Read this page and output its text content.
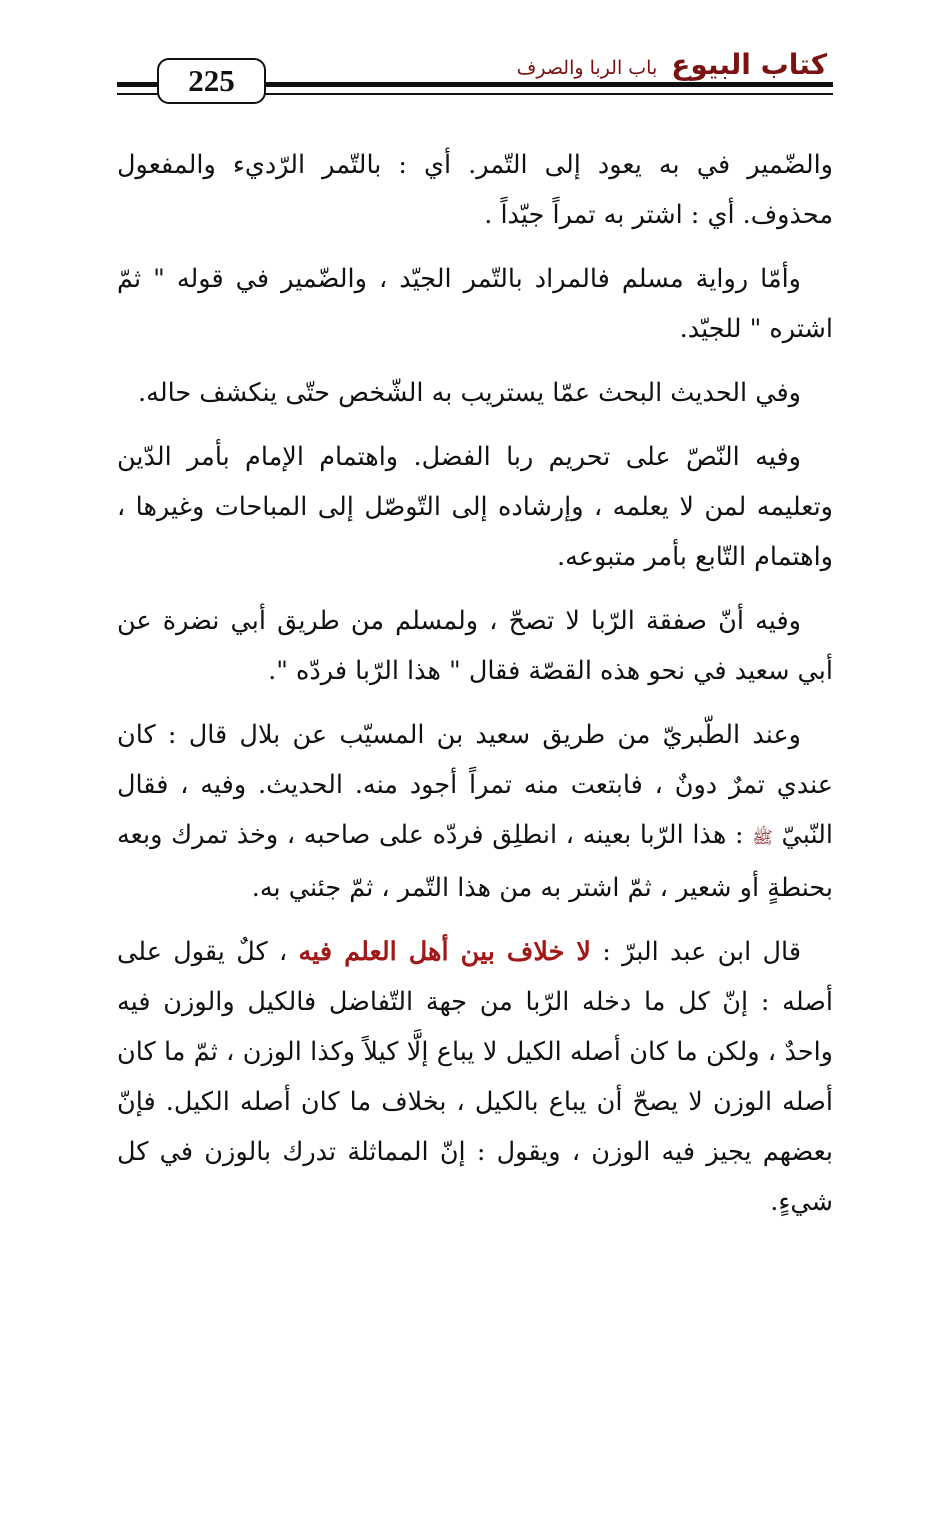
225	كتاب البيوع
باب الربا والصرف

والضّمير في به يعود إلى التّمر. أي : بالتّمر الرّديء والمفعول محذوف. أي : اشتر به تمراً جيّداً .

وأمّا رواية مسلم فالمراد بالتّمر الجيّد ، والضّمير في قوله " ثمّ اشتره " للجيّد.

وفي الحديث البحث عمّا يستريب به الشّخص حتّى ينكشف حاله.

وفيه النّصّ على تحريم ربا الفضل. واهتمام الإمام بأمر الدّين وتعليمه لمن لا يعلمه ، وإرشاده إلى التّوصّل إلى المباحات وغيرها ، واهتمام التّابع بأمر متبوعه.

وفيه أنّ صفقة الرّبا لا تصحّ ، ولمسلم من طريق أبي نضرة عن أبي سعيد في نحو هذه القصّة فقال " هذا الرّبا فردّه ".

وعند الطّبريّ من طريق سعيد بن المسيّب عن بلال قال : كان عندي تمرٌ دونٌ ، فابتعت منه تمراً أجود منه. الحديث. وفيه ، فقال النّبيّ ﷺ : هذا الرّبا بعينه ، انطلِق فردّه على صاحبه ، وخذ تمرك وبعه بحنطةٍ أو شعير ، ثمّ اشتر به من هذا التّمر ، ثمّ جئني به.

قال ابن عبد البرّ : لا خلاف بين أهل العلم فيه ، كلٌ يقول على أصله : إنّ كل ما دخله الرّبا من جهة التّفاضل فالكيل والوزن فيه واحدٌ ، ولكن ما كان أصله الكيل لا يباع إلَّا كيلاً وكذا الوزن ، ثمّ ما كان أصله الوزن لا يصحّ أن يباع بالكيل ، بخلاف ما كان أصله الكيل. فإنّ بعضهم يجيز فيه الوزن ، ويقول : إنّ المماثلة تدرك بالوزن في كل شيءٍ.
